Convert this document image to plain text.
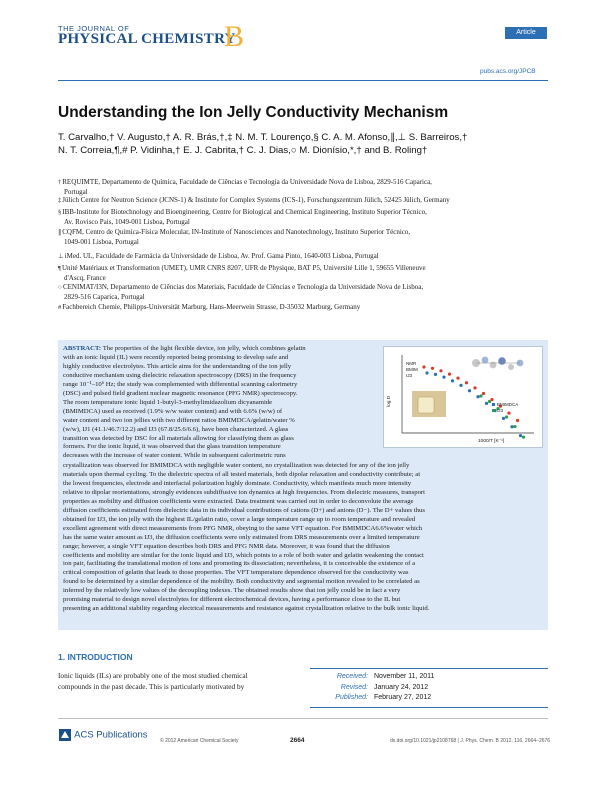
THE JOURNAL OF
PHYSICAL CHEMISTRY
B	Article
pubs.acs.org/JPCB
Understanding the Ion Jelly Conductivity Mechanism
T. Carvalho,† V. Augusto,† A. R. Brás,†,‡ N. M. T. Lourenço,§ C. A. M. Afonso,∥,⊥ S. Barreiros,†
N. T. Correia,¶,# P. Vidinha,† E. J. Cabrita,† C. J. Dias,○ M. Dionísio,*,† and B. Roling†
†REQUIMTE, Departamento de Química, Faculdade de Ciências e Tecnologia da Universidade Nova de Lisboa, 2829-516 Caparica,
Portugal
‡Jülich Centre for Neutron Science (JCNS-1) & Institute for Complex Systems (ICS-1), Forschungszentrum Jülich, 52425 Jülich, Germany
§IBB-Institute for Biotechnology and Bioengineering, Centre for Biological and Chemical Engineering, Instituto Superior Técnico,
Av. Rovisco Pais, 1049-001 Lisboa, Portugal
∥CQFM, Centro de Química-Física Molecular, IN-Institute of Nanosciences and Nanotechnology, Instituto Superior Técnico,
1049-001 Lisboa, Portugal
⊥iMed. UL, Faculdade de Farmácia da Universidade de Lisboa, Av. Prof. Gama Pinto, 1640-003 Lisboa, Portugal
¶Unité Matériaux et Transformation (UMET), UMR CNRS 8207, UFR de Physique, BAT P5, Université Lille 1, 59655 Villeneuve
d'Ascq, France
○CENIMAT/I3N, Departamento de Ciências dos Materiais, Faculdade de Ciências e Tecnologia da Universidade Nova de Lisboa,
2829-516 Caparica, Portugal
#Fachbereich Chemie, Philipps-Universität Marburg, Hans-Meerwein Strasse, D-35032 Marburg, Germany
ABSTRACT: The properties of the light flexible device, ion jelly, which combines gelatin
with an ionic liquid (IL) were recently reported being promising to develop safe and
highly conductive electrolytes. This article aims for the understanding of the ion jelly
conductive mechanism using dielectric relaxation spectroscopy (DRS) in the frequency
range 10⁻¹–10⁶ Hz; the study was complemented with differential scanning calorimetry
(DSC) and pulsed field gradient nuclear magnetic resonance (PFG NMR) spectroscopy.
The room temperature ionic liquid 1-butyl-3-methylimidazolium dicyanamide
(BMIMDCA) used as received (1.9% w/w water content) and with 6.6% (w/w) of
water content and two ion jellies with two different ratios BMIMDCA/gelatin/water %
(w/w), IJ1 (41.1/46.7/12.2) and IJ3 (67.8/25.6/6.6), have been characterized. A glass
transition was detected by DSC for all materials allowing for classifying them as glass
formers. For the ionic liquid, it was observed that the glass transition temperature
decreases with the increase of water content. While in subsequent calorimetric runs
crystallization was observed for BMIMDCA with negligible water content, no crystallization was detected for any of the ion jelly
materials upon thermal cycling. To the dielectric spectra of all tested materials, both dipolar relaxation and conductivity contribute; at
the lowest frequencies, electrode and interfacial polarization highly dominate. Conductivity, which manifests much more intensity
relative to dipolar reorientations, strongly evidences subdiffusive ion dynamics at high frequencies. From dielectric measures, transport
properties as mobility and diffusion coefficients were extracted. Data treatment was carried out in order to deconvolute the average
diffusion coefficients estimated from dielectric data in its individual contributions of cations (D+) and anions (D−). The D+ values thus
obtained for IJ3, the ion jelly with the highest IL/gelatin ratio, cover a large temperature range up to room temperature and revealed
excellent agreement with direct measurements from PFG NMR, obeying to the same VFT equation. For BMIMDCA6.6%water which
has the same water amount as IJ3, the diffusion coefficients were only estimated from DRS measurements over a limited temperature
range; however, a single VFT equation describes both DRS and PFG NMR data. Moreover, it was found that the diffusion
coefficients and mobility are similar for the ionic liquid and IJ3, which points to a role of both water and gelatin weakening the contact
ion pair, facilitating the translational motion of ions and promoting its dissociation; nevertheless, it is conceivable the existence of a
critical composition of gelatin that leads to those properties. The VFT temperature dependence observed for the conductivity was
found to be determined by a similar dependence of the mobility. Both conductivity and segmental motion revealed to be correlated as
inferred by the relatively low values of the decoupling indexes. The obtained results show that ion jelly could be in fact a very
promising material to design novel electrolytes for different electrochemical devices, having a performance close to the IL but
presenting an additional stability regarding electrical measurements and resistance against crystallization relative to the bulk ionic liquid.
NMR
BMIM
IJ3
BMIMDCA
IJ3
1000/T [K⁻¹]
log D
1. INTRODUCTION
Ionic liquids (ILs) are probably one of the most studied chemical
compounds in the past decade. This is particularly motivated by
Received: November 11, 2011
Revised: January 24, 2012
Published: February 27, 2012
ACS Publications
© 2012 American Chemical Society	2664	dx.doi.org/10.1021/jp2108768 | J. Phys. Chem. B 2012, 116, 2664−2676
